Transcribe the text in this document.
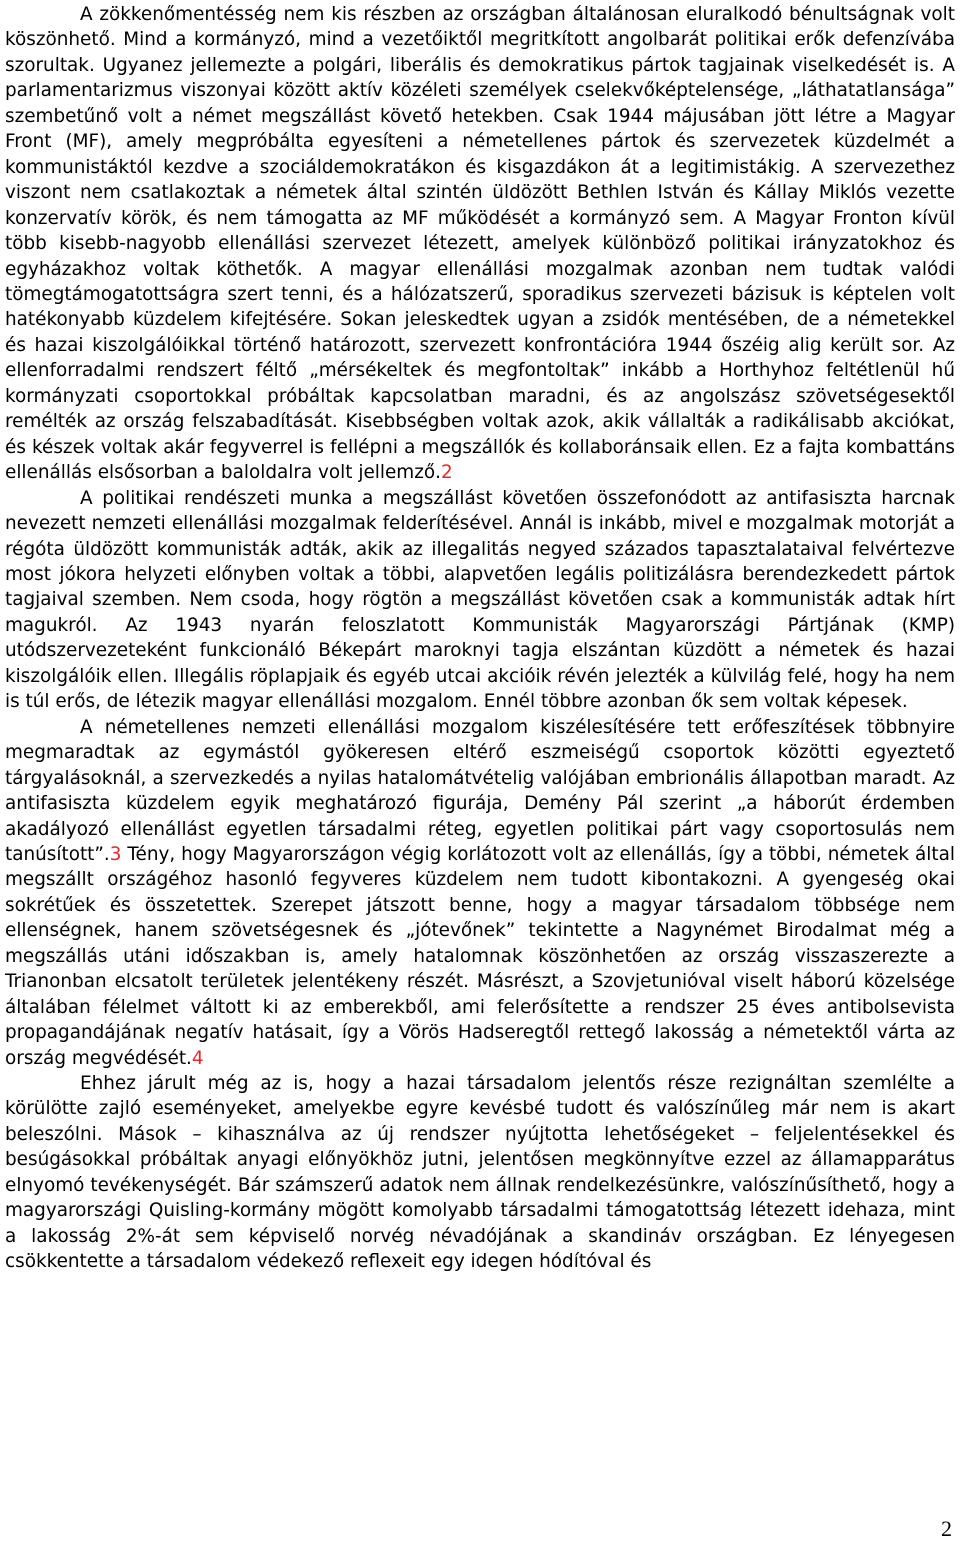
A zökkenőmentésség nem kis részben az országban általánosan eluralkodó bénultságnak volt köszönhető. Mind a kormányzó, mind a vezetőiktől megritkított angolbarát politikai erők defenzívába szorultak. Ugyanez jellemezte a polgári, liberális és demokratikus pártok tagjainak viselkedését is. A parlamentarizmus viszonyai között aktív közéleti személyek cselekvőképtelensége, „láthatatlansága” szembetűnő volt a német megszállást követő hetekben. Csak 1944 májusában jött létre a Magyar Front (MF), amely megpróbálta egyesíteni a németellenes pártok és szervezetek küzdelmét a kommunistáktól kezdve a szociáldemokratákon és kisgazdákon át a legitimistákig. A szervezethez viszont nem csatlakoztak a németek által szintén üldözött Bethlen István és Kállay Miklós vezette konzervatív körök, és nem támogatta az MF működését a kormányzó sem. A Magyar Fronton kívül több kisebb-nagyobb ellenállási szervezet létezett, amelyek különböző politikai irányzatokhoz és egyházakhoz voltak köthetők. A magyar ellenállási mozgalmak azonban nem tudtak valódi tömegtámogatottságra szert tenni, és a hálózatszerű, sporadikus szervezeti bázisuk is képtelen volt hatékonyabb küzdelem kifejtésére. Sokan jeleskedtek ugyan a zsidók mentésében, de a németekkel és hazai kiszolgálóikkal történő határozott, szervezett konfrontációra 1944 őszéig alig került sor. Az ellenforradalmi rendszert féltő „mérsékeltek és megfontoltak” inkább a Horthyhoz feltétlenül hű kormányzati csoportokkal próbáltak kapcsolatban maradni, és az angolszász szövetségesektől remélték az ország felszabadítását. Kisebbségben voltak azok, akik vállalták a radikálisabb akciókat, és készek voltak akár fegyverrel is fellépni a megszállók és kollaboránsaik ellen. Ez a fajta kombattáns ellenállás elsősorban a baloldalra volt jellemző.2

A politikai rendészeti munka a megszállást követően összefonódott az antifasiszta harcnak nevezett nemzeti ellenállási mozgalmak felderítésével. Annál is inkább, mivel e mozgalmak motorját a régóta üldözött kommunisták adták, akik az illegalitás negyed százados tapasztalataival felvértezve most jókora helyzeti előnyben voltak a többi, alapvetően legális politizálásra berendezkedett pártok tagjaival szemben. Nem csoda, hogy rögtön a megszállást követően csak a kommunisták adtak hírt magukról. Az 1943 nyarán feloszlatott Kommunisták Magyarországi Pártjának (KMP) utódszervezeteként funkcionáló Békepárt maroknyi tagja elszántan küzdött a németek és hazai kiszolgálóik ellen. Illegális röplapjaik és egyéb utcai akcióik révén jelezték a külvilág felé, hogy ha nem is túl erős, de létezik magyar ellenállási mozgalom. Ennél többre azonban ők sem voltak képesek.

A németellenes nemzeti ellenállási mozgalom kiszélesítésére tett erőfeszítések többnyire megmaradtak az egymástól gyökeresen eltérő eszmeiségű csoportok közötti egyeztető tárgyalásoknál, a szervezkedés a nyilas hatalomátvételig valójában embrionális állapotban maradt. Az antifasiszta küzdelem egyik meghatározó figurája, Demény Pál szerint „a háborút érdemben akadályozó ellenállást egyetlen társadalmi réteg, egyetlen politikai párt vagy csoportosulás nem tanúsított”.3 Tény, hogy Magyarországon végig korlátozott volt az ellenállás, így a többi, németek által megszállt országéhoz hasonló fegyveres küzdelem nem tudott kibontakozni. A gyengeség okai sokrétűek és összetettek. Szerepet játszott benne, hogy a magyar társadalom többsége nem ellenségnek, hanem szövetségesnek és „jótevőnek” tekintette a Nagynémet Birodalmat még a megszállás utáni időszakban is, amely hatalomnak köszönhetően az ország visszaszerezte a Trianonban elcsatolt területek jelentékeny részét. Másrészt, a Szovjetunióval viselt háború közelsége általában félelmet váltott ki az emberekből, ami felerősítette a rendszer 25 éves antibolsevista propagandájának negatív hatásait, így a Vörös Hadseregtől rettegő lakosság a németektől várta az ország megvédését.4

Ehhez járult még az is, hogy a hazai társadalom jelentős része rezignáltan szemlélte a körülötte zajló eseményeket, amelyekbe egyre kevésbé tudott és valószínűleg már nem is akart beleszólni. Mások – kihasználva az új rendszer nyújtotta lehetőségeket – feljelentésekkel és besúgásokkal próbáltak anyagi előnyökhöz jutni, jelentősen megkönnyítve ezzel az államapparátus elnyomó tevékenységét. Bár számszerű adatok nem állnak rendelkezésünkre, valószínűsíthető, hogy a magyarországi Quisling-kormány mögött komolyabb társadalmi támogatottság létezett idehaza, mint a lakosság 2%-át sem képviselő norvég névadójának a skandináv országban. Ez lényegesen csökkentette a társadalom védekező reflexeit egy idegen hódítóval és

2
